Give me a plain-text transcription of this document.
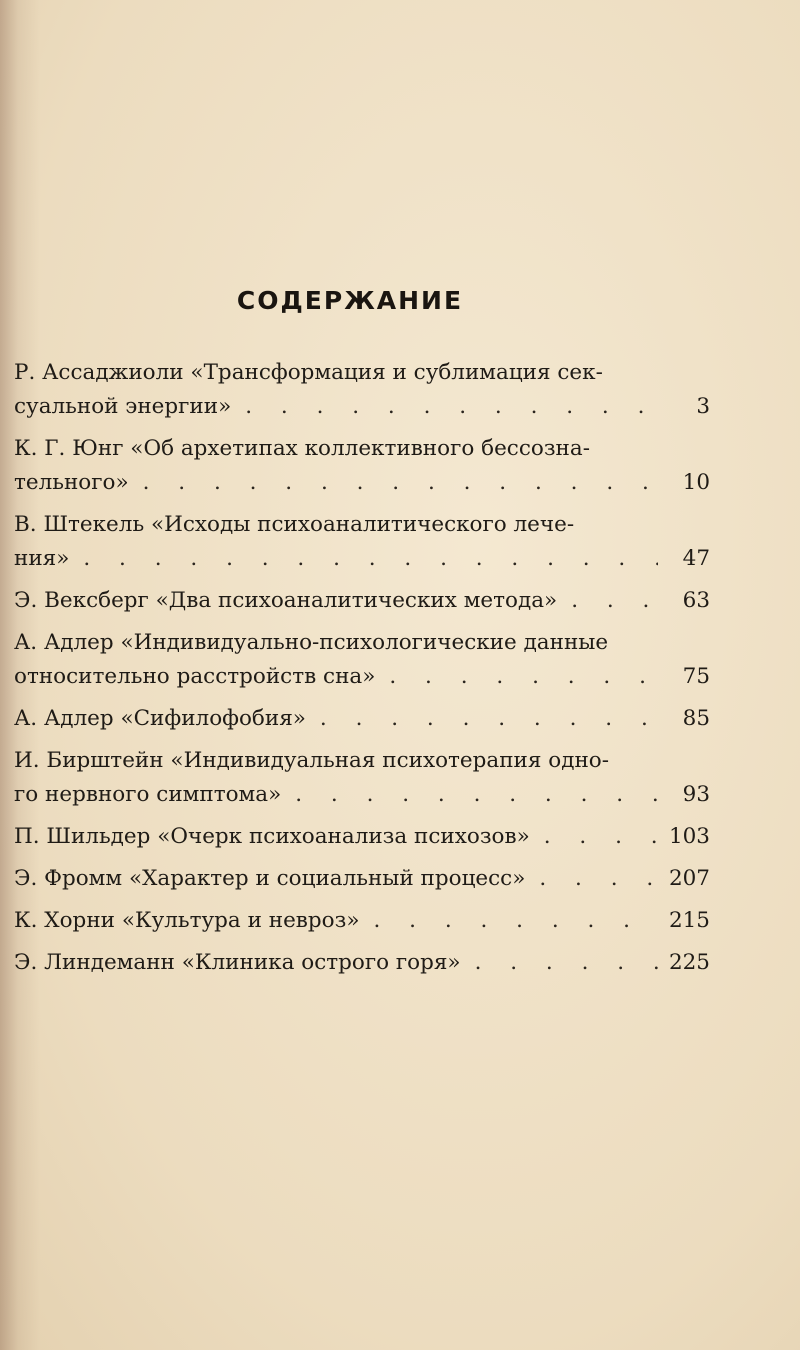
СОДЕРЖАНИЕ
Р. Ассаджиоли «Трансформация и сублимация сек-
суальной энергии» . . .	3
К. Г. Юнг «Об архетипах коллективного бессозна-
тельного» . . .	10
В. Штекель «Исходы психоаналитического лече-
ния» . . .	47
Э. Вексберг «Два психоаналитических метода» . . .	63
А. Адлер «Индивидуально-психологические данные
относительно расстройств сна» . . .	75
А. Адлер «Сифилофобия» . . .	85
И. Бирштейн «Индивидуальная психотерапия одно-
го нервного симптома» . . .	93
П. Шильдер «Очерк психоанализа психозов» . . .	103
Э. Фромм «Характер и социальный процесс» . . .	207
К. Хорни «Культура и невроз» . . .	215
Э. Линдеманн «Клиника острого горя» . . .	225
